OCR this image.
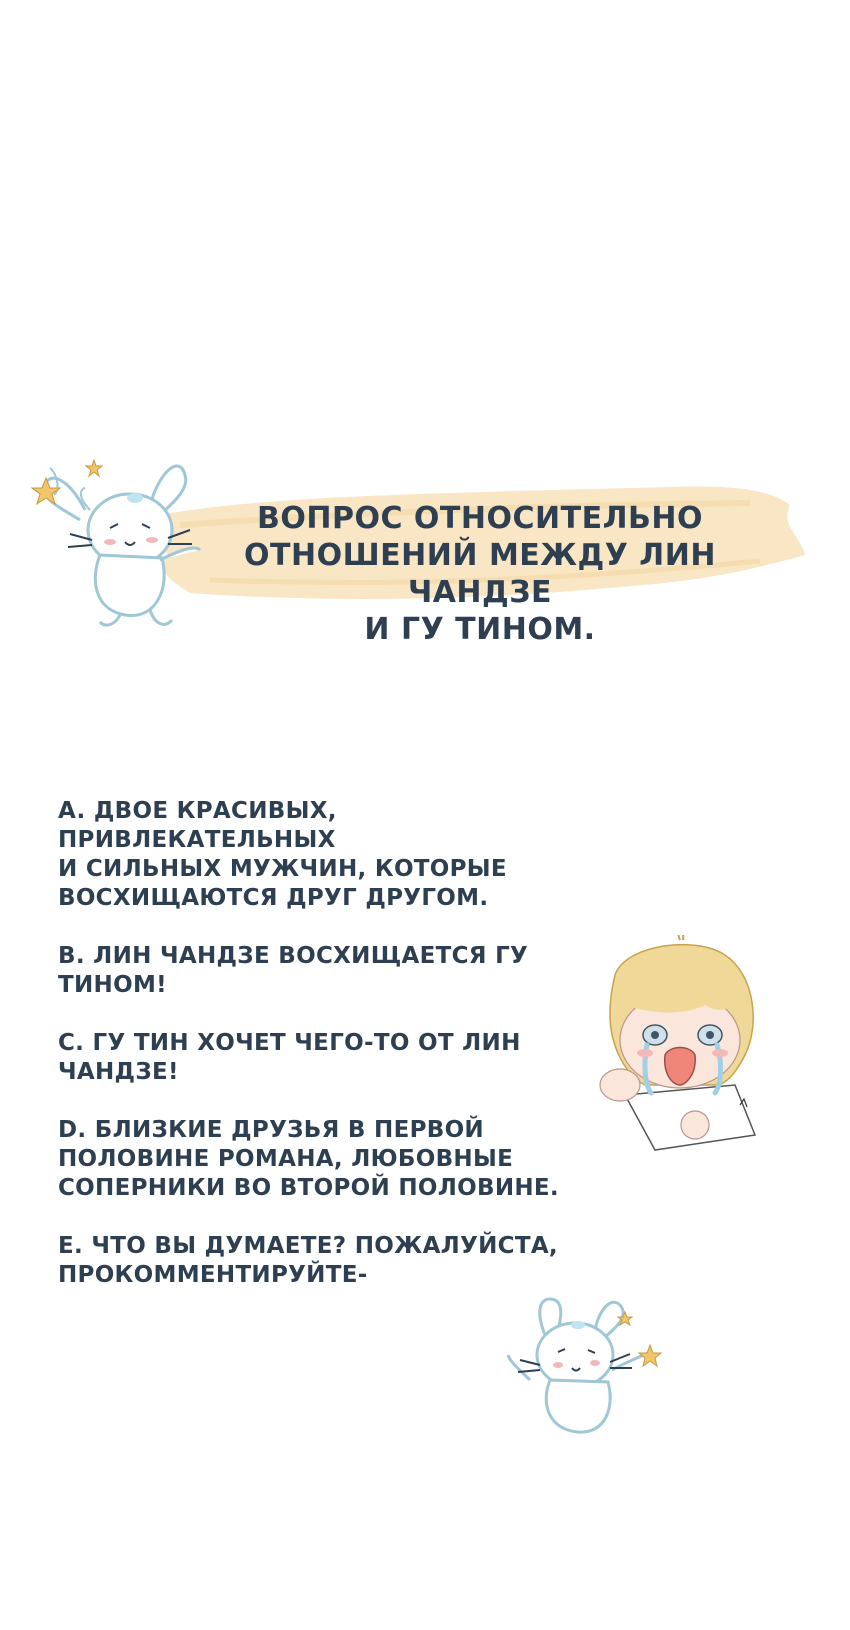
ВОПРОС ОТНОСИТЕЛЬНО
ОТНОШЕНИЙ МЕЖДУ ЛИН ЧАНДЗЕ
И ГУ ТИНОМ.
A. ДВОЕ КРАСИВЫХ, ПРИВЛЕКАТЕЛЬНЫХ
И СИЛЬНЫХ МУЖЧИН, КОТОРЫЕ
ВОСХИЩАЮТСЯ ДРУГ ДРУГОМ.
B. ЛИН ЧАНДЗЕ ВОСХИЩАЕТСЯ ГУ
ТИНОМ!
C. ГУ ТИН ХОЧЕТ ЧЕГО-ТО ОТ ЛИН
ЧАНДЗЕ!
D. БЛИЗКИЕ ДРУЗЬЯ В ПЕРВОЙ
ПОЛОВИНЕ РОМАНА, ЛЮБОВНЫЕ
СОПЕРНИКИ ВО ВТОРОЙ ПОЛОВИНЕ.
E. ЧТО ВЫ ДУМАЕТЕ? ПОЖАЛУЙСТА,
ПРОКОММЕНТИРУЙТЕ-
